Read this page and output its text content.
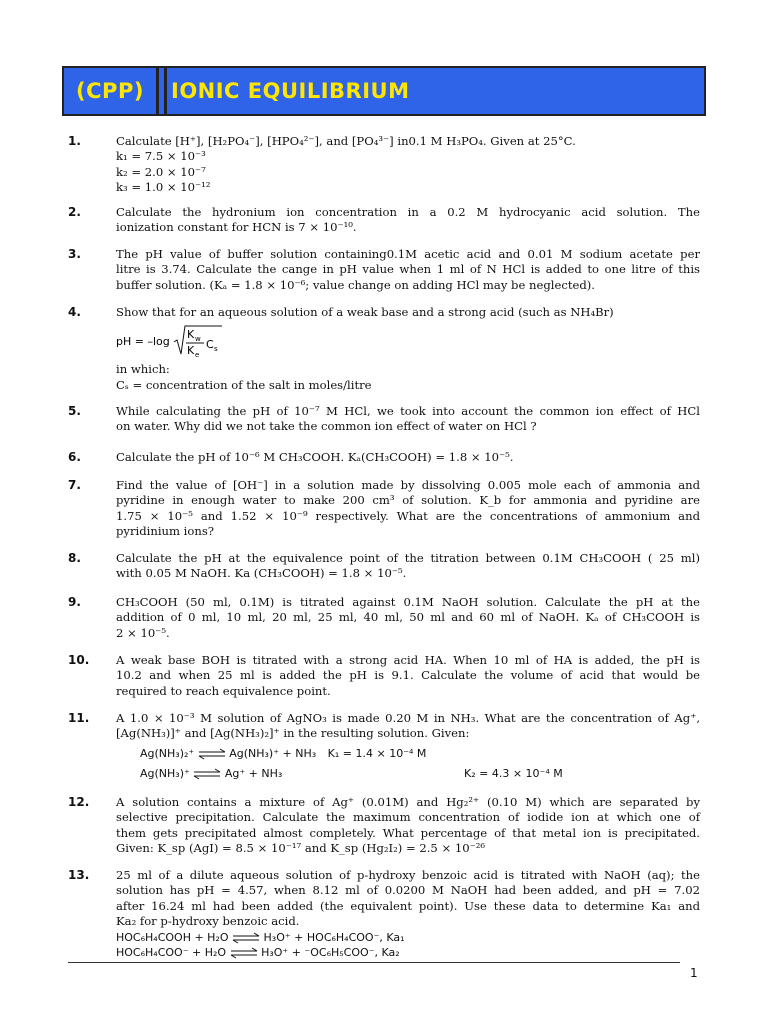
(CPP)	IONIC EQUILIBRIUM
1.	Calculate [H⁺], [H₂PO₄⁻], [HPO₄²⁻], and [PO₄³⁻] in0.1 M H₃PO₄. Given at 25°C.
k₁ = 7.5 × 10⁻³
k₂ = 2.0 × 10⁻⁷
k₃ = 1.0 × 10⁻¹²
2.	Calculate the hydronium ion concentration in a 0.2 M hydrocyanic acid solution. The
ionization constant for HCN is 7 × 10⁻¹⁰.
3.	The pH value of buffer solution containing0.1M acetic acid and 0.01 M sodium acetate per
litre is 3.74. Calculate the cange in pH value when 1 ml of N HCl is added to one litre of this
buffer solution. (Kₐ = 1.8 × 10⁻⁶; value change on adding HCl may be neglected).
4.	Show that for an aqueous solution of a weak base and a strong acid (such as NH₄Br)
pH = –log
K w
K e
C s
in which:
Cₛ = concentration of the salt in moles/litre
5.	While calculating the pH of 10⁻⁷ M HCl, we took into account the common ion effect of HCl
on water. Why did we not take the common ion effect of water on HCl ?
6.	Calculate the pH of 10⁻⁶ M CH₃COOH. Kₐ(CH₃COOH) = 1.8 × 10⁻⁵.
7.	Find the value of [OH⁻] in a solution made by dissolving 0.005 mole each of ammonia and
pyridine in enough water to make 200 cm³ of solution. K_b for ammonia and pyridine are
1.75 × 10⁻⁵ and 1.52 × 10⁻⁹ respectively. What are the concentrations of ammonium and
pyridinium ions?
8.	Calculate the pH at the equivalence point of the titration between 0.1M CH₃COOH ( 25 ml)
with 0.05 M NaOH. Ka (CH₃COOH) = 1.8 × 10⁻⁵.
9.	CH₃COOH (50 ml, 0.1M) is titrated against 0.1M NaOH solution. Calculate the pH at the
addition of 0 ml, 10 ml, 20 ml, 25 ml, 40 ml, 50 ml and 60 ml of NaOH. Kₐ of CH₃COOH is
2 × 10⁻⁵.
10.	A weak base BOH is titrated with a strong acid HA. When 10 ml of HA is added, the pH is
10.2 and when 25 ml is added the pH is 9.1. Calculate the volume of acid that would be
required to reach equivalence point.
11.	A 1.0 × 10⁻³ M solution of AgNO₃ is made 0.20 M in NH₃. What are the concentration of Ag⁺,
[Ag(NH₃)]⁺ and [Ag(NH₃)₂]⁺ in the resulting solution. Given:
Ag(NH₃)₂⁺ ⇌ Ag(NH₃)⁺ + NH₃ K₁ = 1.4 × 10⁻⁴ M
Ag(NH₃)⁺ ⇌ Ag⁺ + NH₃	K₂ = 4.3 × 10⁻⁴ M
12.	A solution contains a mixture of Ag⁺ (0.01M) and Hg₂²⁺ (0.10 M) which are separated by
selective precipitation. Calculate the maximum concentration of iodide ion at which one of
them gets precipitated almost completely. What percentage of that metal ion is precipitated.
Given: K_sp (AgI) = 8.5 × 10⁻¹⁷ and K_sp (Hg₂I₂) = 2.5 × 10⁻²⁶
13.	25 ml of a dilute aqueous solution of p-hydroxy benzoic acid is titrated with NaOH (aq); the
solution has pH = 4.57, when 8.12 ml of 0.0200 M NaOH had been added, and pH = 7.02
after 16.24 ml had been added (the equivalent point). Use these data to determine Ka₁ and
Ka₂ for p-hydroxy benzoic acid.
HOC₆H₄COOH + H₂O ⇌ H₃O⁺ + HOC₆H₄COO⁻, Ka₁
HOC₆H₄COO⁻ + H₂O ⇌ H₃O⁺ + ⁻OC₆H₅COO⁻, Ka₂
1
